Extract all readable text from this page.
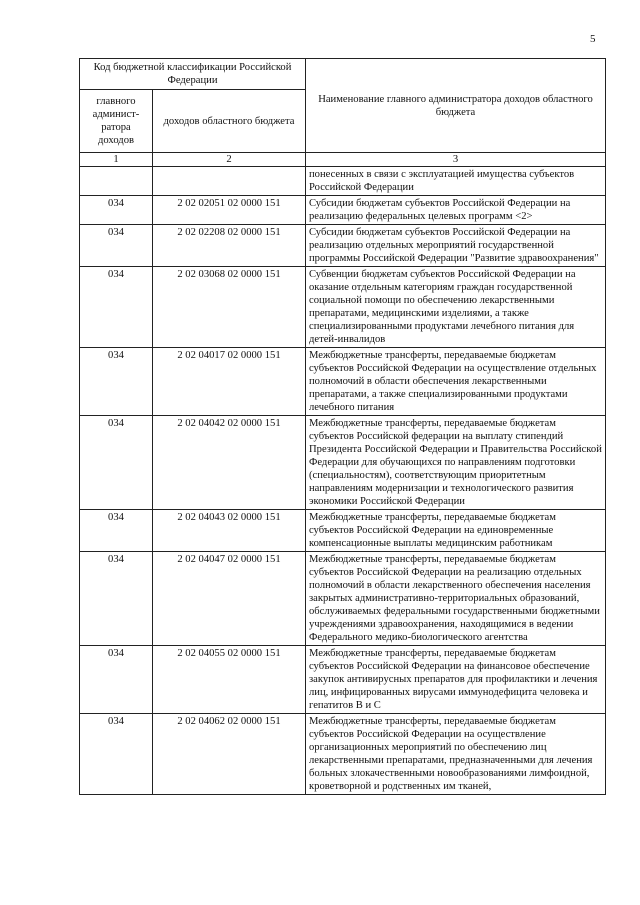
5
Код бюджетной классификации Российской Федерации		Наименование главного администратора доходов областного бюджета
главного админист-ратора доходов	доходов областного бюджета	
1	2	3
		понесенных в связи с эксплуатацией имущества субъектов Российской Федерации
034	2 02 02051 02 0000 151	Субсидии бюджетам субъектов Российской Федерации на реализацию федеральных целевых программ <2>
034	2 02 02208 02 0000 151	Субсидии бюджетам субъектов Российской Федерации на реализацию отдельных мероприятий государственной программы Российской Федерации "Развитие здравоохранения"
034	2 02 03068 02 0000 151	Субвенции бюджетам субъектов Российской Федерации на оказание отдельным категориям граждан государственной социальной помощи по обеспечению лекарственными препаратами, медицинскими изделиями, а также специализированными продуктами лечебного питания для детей-инвалидов
034	2 02 04017 02 0000 151	Межбюджетные трансферты, передаваемые бюджетам субъектов Российской Федерации на осуществление отдельных полномочий в области обеспечения лекарственными препаратами, а также специализированными продуктами лечебного питания
034	2 02 04042 02 0000 151	Межбюджетные трансферты, передаваемые бюджетам субъектов Российской федерации на выплату стипендий Президента Российской Федерации и Правительства Российской Федерации для обучающихся по направлениям подготовки (специальностям), соответствующим приоритетным направлениям модернизации и технологического развития экономики Российской Федерации
034	2 02 04043 02 0000 151	Межбюджетные трансферты, передаваемые бюджетам субъектов Российской Федерации на единовременные компенсационные выплаты медицинским работникам
034	2 02 04047 02 0000 151	Межбюджетные трансферты, передаваемые бюджетам субъектов Российской Федерации на реализацию отдельных полномочий в области лекарственного обеспечения населения закрытых административно-территориальных образований, обслуживаемых федеральными государственными бюджетными учреждениями здравоохранения, находящимися в ведении Федерального медико-биологического агентства
034	2 02 04055 02 0000 151	Межбюджетные трансферты, передаваемые бюджетам субъектов Российской Федерации на финансовое обеспечение закупок антивирусных препаратов для профилактики и лечения лиц, инфицированных вирусами иммунодефицита человека и гепатитов В и С
034	2 02 04062 02 0000 151	Межбюджетные трансферты, передаваемые бюджетам субъектов Российской Федерации на осуществление организационных мероприятий по обеспечению лиц лекарственными препаратами, предназначенными для лечения больных злокачественными новообразованиями лимфоидной, кроветворной и родственных им тканей,
